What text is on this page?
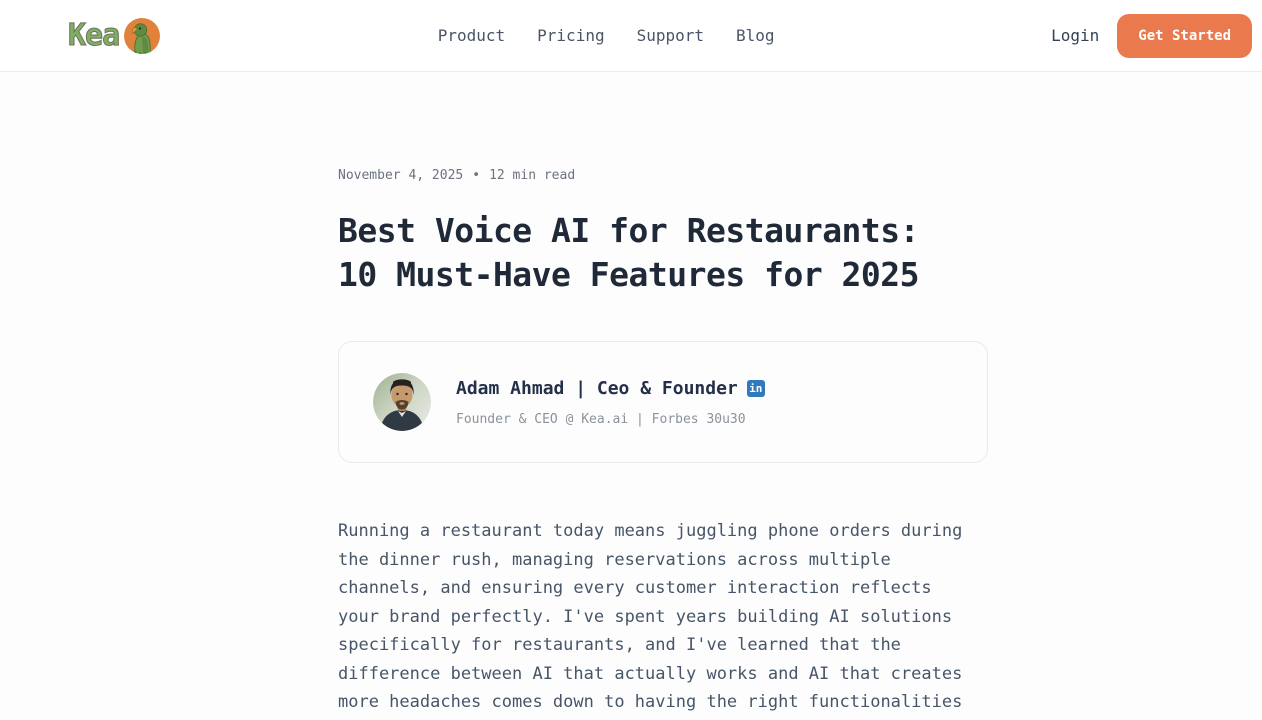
Kea	Product Pricing Support Blog	Login	Get Started
November 4, 2025 • 12 min read
Best Voice AI for Restaurants: 10 Must-Have Features for 2025
Adam Ahmad | Ceo & Founder in
Founder & CEO @ Kea.ai | Forbes 30u30

Running a restaurant today means juggling phone orders during the dinner rush, managing reservations across multiple channels, and ensuring every customer interaction reflects your brand perfectly. I've spent years building AI solutions specifically for restaurants, and I've learned that the difference between AI that actually works and AI that creates more headaches comes down to having the right functionalities
